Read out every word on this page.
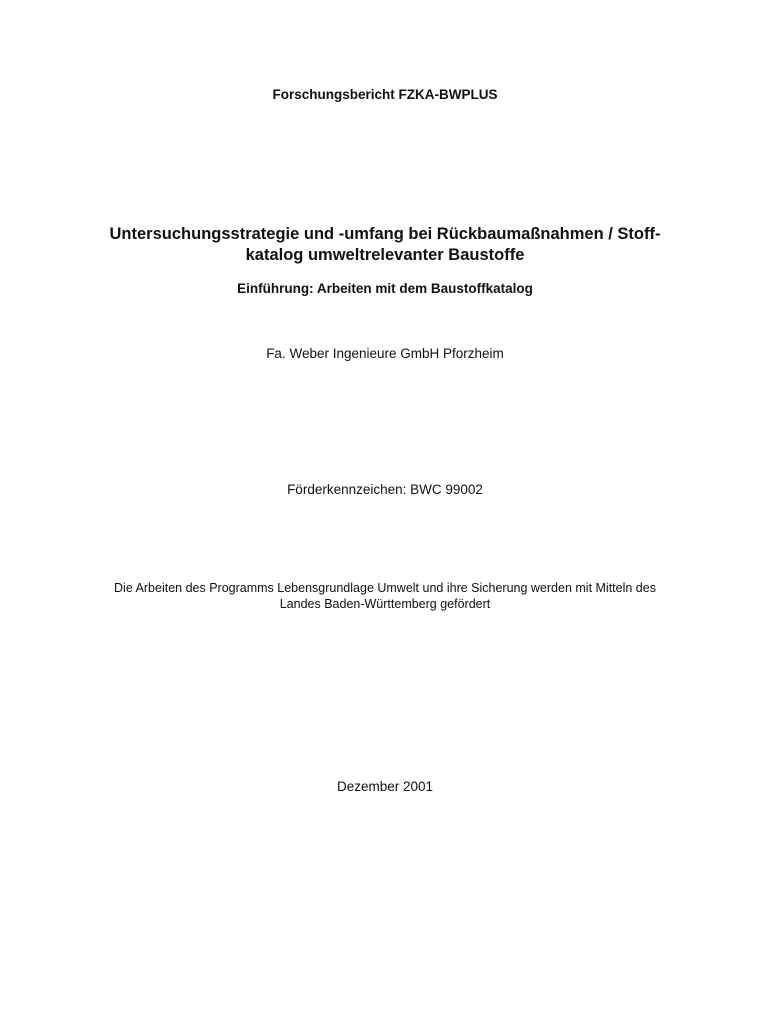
Forschungsbericht FZKA-BWPLUS
Untersuchungsstrategie und -umfang bei Rückbaumaßnahmen / Stoff-
katalog umweltrelevanter Baustoffe
Einführung: Arbeiten mit dem Baustoffkatalog
Fa. Weber Ingenieure GmbH Pforzheim
Förderkennzeichen: BWC 99002
Die Arbeiten des Programms Lebensgrundlage Umwelt und ihre Sicherung werden mit Mitteln des
Landes Baden-Württemberg gefördert
Dezember 2001
